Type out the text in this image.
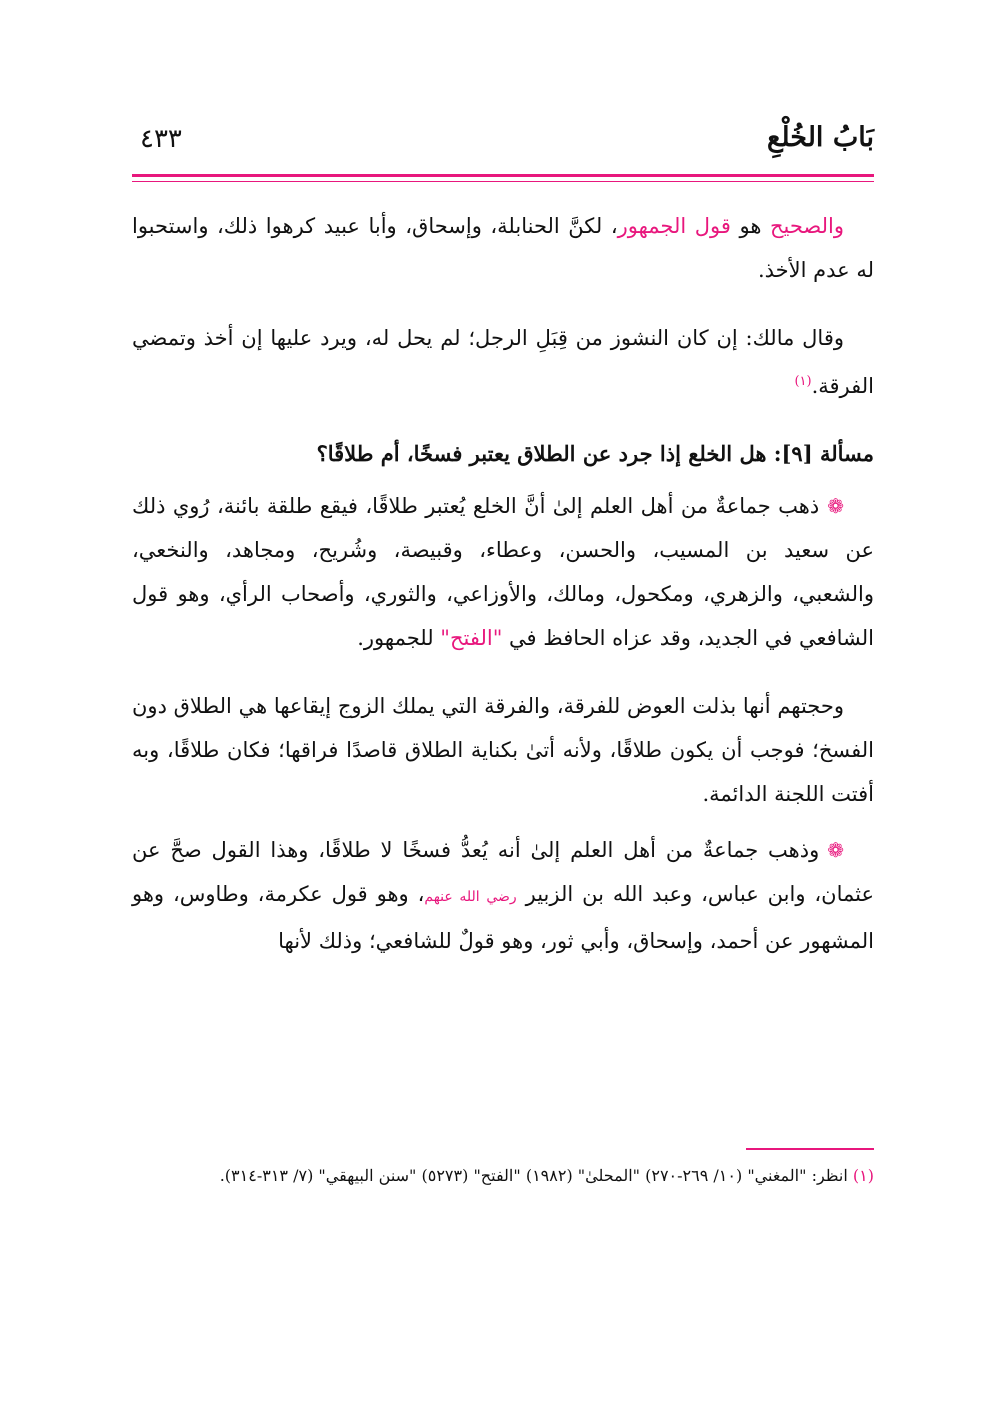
بَابُ الخُلْعِ
٤٣٣

والصحيح هو قول الجمهور، لكنَّ الحنابلة، وإسحاق، وأبا عبيد كرهوا ذلك، واستحبوا له عدم الأخذ.

وقال مالك: إن كان النشوز من قِبَلِ الرجل؛ لم يحل له، ويرد عليها إن أخذ وتمضي الفرقة.$^{(١)}$

مسألة [٩]: هل الخلع إذا جرد عن الطلاق يعتبر فسخًا، أم طلاقًا؟

❁ذهب جماعةٌ من أهل العلم إلىٰ أنَّ الخلع يُعتبر طلاقًا، فيقع طلقة بائنة، رُوي ذلك عن سعيد بن المسيب، والحسن، وعطاء، وقبيصة، وشُريح، ومجاهد، والنخعي، والشعبي، والزهري، ومكحول، ومالك، والأوزاعي، والثوري، وأصحاب الرأي، وهو قول الشافعي في الجديد، وقد عزاه الحافظ في "الفتح" للجمهور.

وحجتهم أنها بذلت العوض للفرقة، والفرقة التي يملك الزوج إيقاعها هي الطلاق دون الفسخ؛ فوجب أن يكون طلاقًا، ولأنه أتىٰ بكناية الطلاق قاصدًا فراقها؛ فكان طلاقًا، وبه أفتت اللجنة الدائمة.

❁وذهب جماعةٌ من أهل العلم إلىٰ أنه يُعدُّ فسخًا لا طلاقًا، وهذا القول صحَّ عن عثمان، وابن عباس، وعبد الله بن الزبير رضي الله عنهم، وهو قول عكرمة، وطاوس، وهو المشهور عن أحمد، وإسحاق، وأبي ثور، وهو قولٌ للشافعي؛ وذلك لأنها

(١) انظر: "المغني" (١٠/ ٢٦٩-٢٧٠) "المحلىٰ" (١٩٨٢) "الفتح" (٥٢٧٣) "سنن البيهقي" (٧/ ٣١٣-٣١٤).
